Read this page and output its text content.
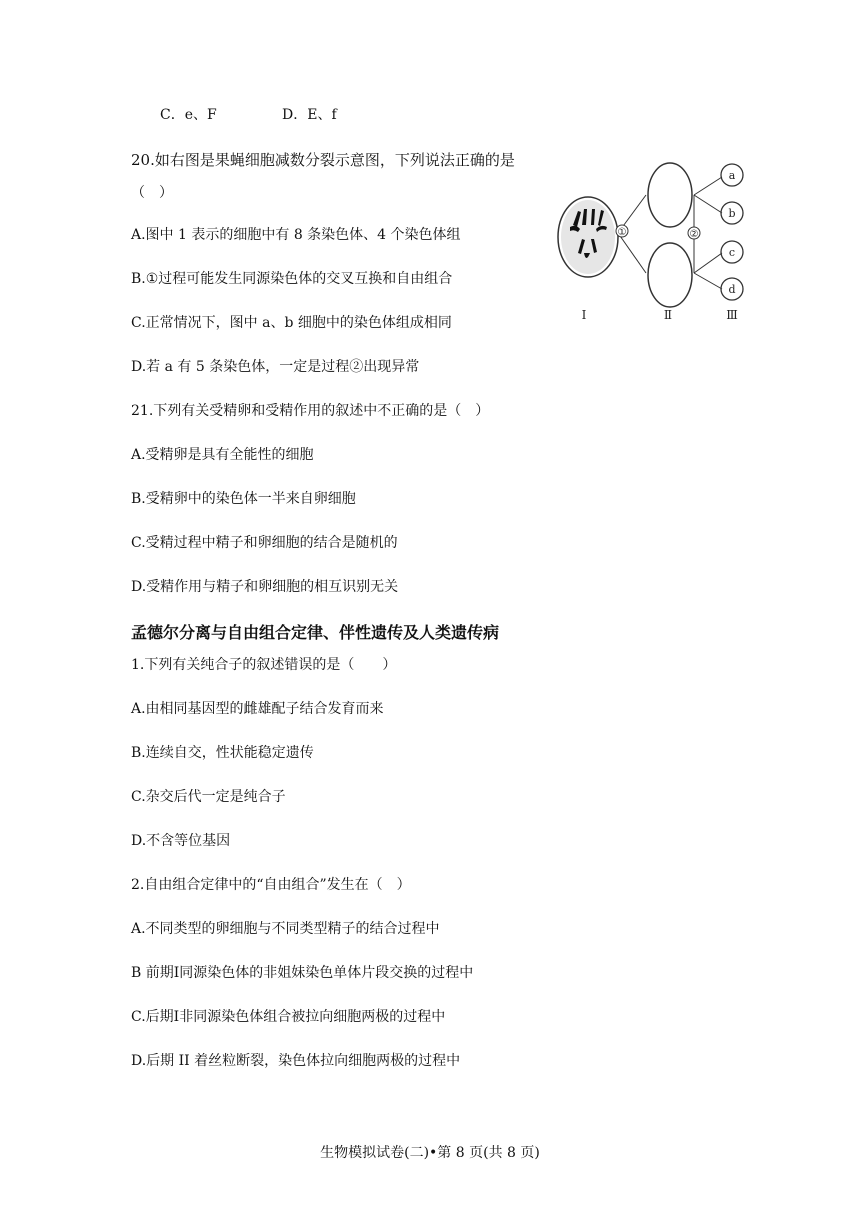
C．e、F	D．E、f
20.如右图是果蝇细胞减数分裂示意图，下列说法正确的是
（　）
A.图中 1 表示的细胞中有 8 条染色体、4 个染色体组
B.①过程可能发生同源染色体的交叉互换和自由组合
C.正常情况下，图中 a、b 细胞中的染色体组成相同
D.若 a 有 5 条染色体，一定是过程②出现异常
①	②
a
b
c
d
Ⅰ	Ⅱ	Ⅲ
21.下列有关受精卵和受精作用的叙述中不正确的是（　）
A.受精卵是具有全能性的细胞
B.受精卵中的染色体一半来自卵细胞
C.受精过程中精子和卵细胞的结合是随机的
D.受精作用与精子和卵细胞的相互识别无关
孟德尔分离与自由组合定律、伴性遗传及人类遗传病
1.下列有关纯合子的叙述错误的是（　　）
A.由相同基因型的雌雄配子结合发育而来
B.连续自交，性状能稳定遗传
C.杂交后代一定是纯合子
D.不含等位基因
2.自由组合定律中的“自由组合”发生在（　）
A.不同类型的卵细胞与不同类型精子的结合过程中
B 前期Ⅰ同源染色体的非姐妹染色单体片段交换的过程中
C.后期Ⅰ非同源染色体组合被拉向细胞两极的过程中
D.后期 II 着丝粒断裂，染色体拉向细胞两极的过程中
生物模拟试卷(二)•第 8 页(共 8 页)
